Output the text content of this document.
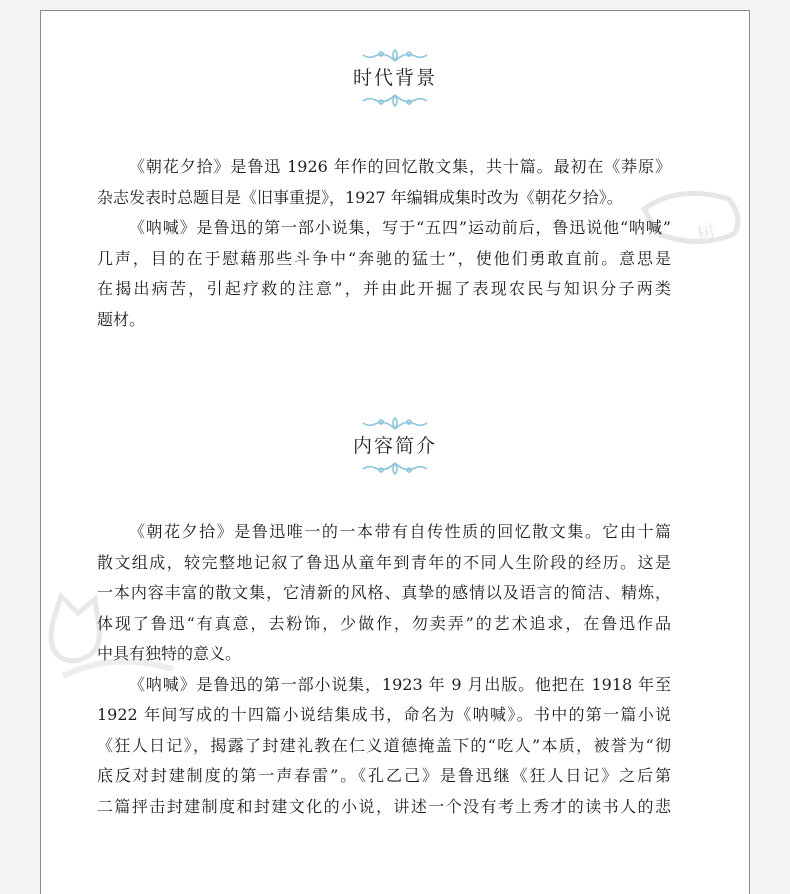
树
时代背景

《朝花夕拾》是鲁迅 1926 年作的回忆散文集，共十篇。最初在《莽原》
杂志发表时总题目是《旧事重提》，1927 年编辑成集时改为《朝花夕拾》。

《呐喊》是鲁迅的第一部小说集，写于“五四”运动前后，鲁迅说他“呐喊”
几声，目的在于慰藉那些斗争中“奔驰的猛士”，使他们勇敢直前。意思是
在揭出病苦，引起疗救的注意”，并由此开掘了表现农民与知识分子两类
题材。

内容简介

《朝花夕拾》是鲁迅唯一的一本带有自传性质的回忆散文集。它由十篇
散文组成，较完整地记叙了鲁迅从童年到青年的不同人生阶段的经历。这是
一本内容丰富的散文集，它清新的风格、真挚的感情以及语言的简洁、精炼，
体现了鲁迅“有真意，去粉饰，少做作，勿卖弄”的艺术追求，在鲁迅作品
中具有独特的意义。

《呐喊》是鲁迅的第一部小说集，1923 年 9 月出版。他把在 1918 年至
1922 年间写成的十四篇小说结集成书，命名为《呐喊》。书中的第一篇小说
《狂人日记》，揭露了封建礼教在仁义道德掩盖下的“吃人”本质，被誉为“彻
底反对封建制度的第一声春雷”。《孔乙己》是鲁迅继《狂人日记》之后第
二篇抨击封建制度和封建文化的小说，讲述一个没有考上秀才的读书人的悲
